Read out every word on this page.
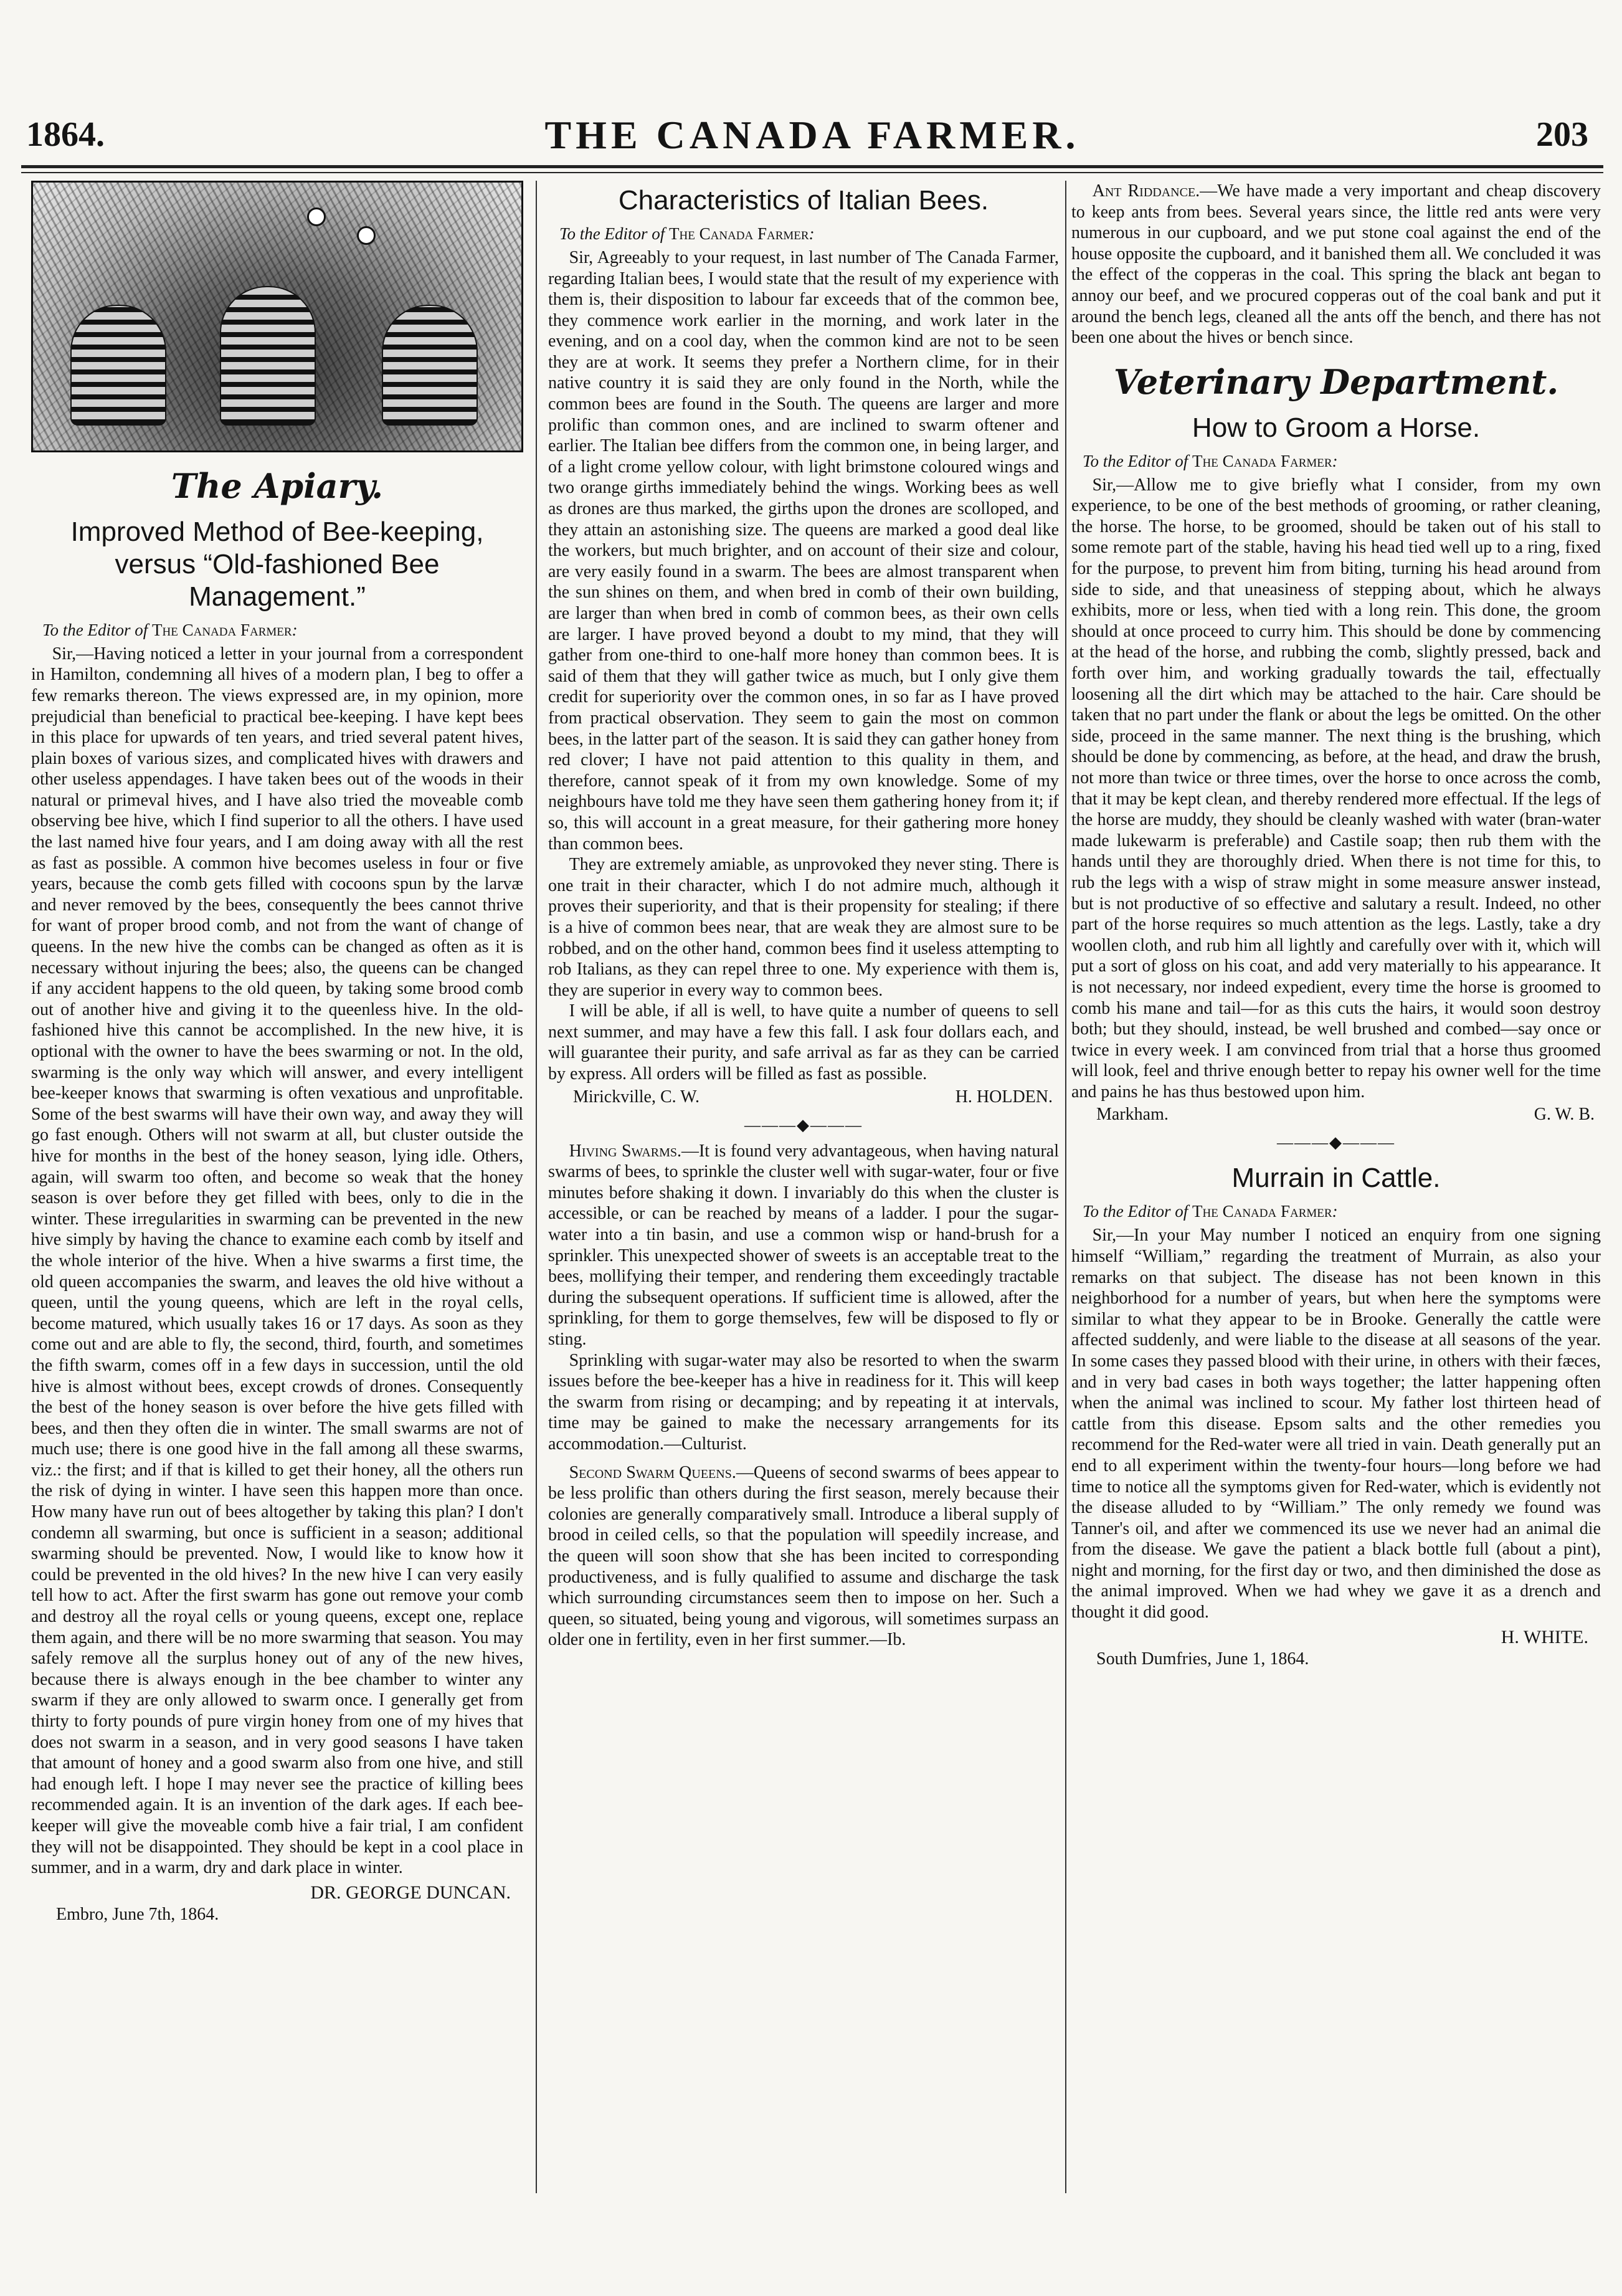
1864.	THE CANADA FARMER.	203
The Apiary.
Improved Method of Bee-keeping, versus “Old-fashioned Bee Management.”
To the Editor of The Canada Farmer:

Sir,—Having noticed a letter in your journal from a correspondent in Hamilton, condemning all hives of a modern plan, I beg to offer a few remarks thereon. The views expressed are, in my opinion, more prejudicial than beneficial to practical bee-keeping. I have kept bees in this place for upwards of ten years, and tried several patent hives, plain boxes of various sizes, and complicated hives with drawers and other useless appendages. I have taken bees out of the woods in their natural or primeval hives, and I have also tried the moveable comb observing bee hive, which I find superior to all the others. I have used the last named hive four years, and I am doing away with all the rest as fast as possible. A common hive becomes useless in four or five years, because the comb gets filled with cocoons spun by the larvæ and never removed by the bees, consequently the bees cannot thrive for want of proper brood comb, and not from the want of change of queens. In the new hive the combs can be changed as often as it is necessary without injuring the bees; also, the queens can be changed if any accident happens to the old queen, by taking some brood comb out of another hive and giving it to the queenless hive. In the old-fashioned hive this cannot be accomplished. In the new hive, it is optional with the owner to have the bees swarming or not. In the old, swarming is the only way which will answer, and every intelligent bee-keeper knows that swarming is often vexatious and unprofitable. Some of the best swarms will have their own way, and away they will go fast enough. Others will not swarm at all, but cluster outside the hive for months in the best of the honey season, lying idle. Others, again, will swarm too often, and become so weak that the honey season is over before they get filled with bees, only to die in the winter. These irregularities in swarming can be prevented in the new hive simply by having the chance to examine each comb by itself and the whole interior of the hive. When a hive swarms a first time, the old queen accompanies the swarm, and leaves the old hive without a queen, until the young queens, which are left in the royal cells, become matured, which usually takes 16 or 17 days. As soon as they come out and are able to fly, the second, third, fourth, and sometimes the fifth swarm, comes off in a few days in succession, until the old hive is almost without bees, except crowds of drones. Consequently the best of the honey season is over before the hive gets filled with bees, and then they often die in winter. The small swarms are not of much use; there is one good hive in the fall among all these swarms, viz.: the first; and if that is killed to get their honey, all the others run the risk of dying in winter. I have seen this happen more than once. How many have run out of bees altogether by taking this plan? I don't condemn all swarming, but once is sufficient in a season; additional swarming should be prevented. Now, I would like to know how it could be prevented in the old hives? In the new hive I can very easily tell how to act. After the first swarm has gone out remove your comb and destroy all the royal cells or young queens, except one, replace them again, and there will be no more swarming that season. You may safely remove all the surplus honey out of any of the new hives, because there is always enough in the bee chamber to winter any swarm if they are only allowed to swarm once. I generally get from thirty to forty pounds of pure virgin honey from one of my hives that does not swarm in a season, and in very good seasons I have taken that amount of honey and a good swarm also from one hive, and still had enough left. I hope I may never see the practice of killing bees recommended again. It is an invention of the dark ages. If each bee-keeper will give the moveable comb hive a fair trial, I am confident they will not be disappointed. They should be kept in a cool place in summer, and in a warm, dry and dark place in winter.

DR. GEORGE DUNCAN.
Embro, June 7th, 1864.
Characteristics of Italian Bees.
To the Editor of The Canada Farmer:

Sir, Agreeably to your request, in last number of The Canada Farmer, regarding Italian bees, I would state that the result of my experience with them is, their disposition to labour far exceeds that of the common bee, they commence work earlier in the morning, and work later in the evening, and on a cool day, when the common kind are not to be seen they are at work. It seems they prefer a Northern clime, for in their native country it is said they are only found in the North, while the common bees are found in the South. The queens are larger and more prolific than common ones, and are inclined to swarm oftener and earlier. The Italian bee differs from the common one, in being larger, and of a light crome yellow colour, with light brimstone coloured wings and two orange girths immediately behind the wings. Working bees as well as drones are thus marked, the girths upon the drones are scolloped, and they attain an astonishing size. The queens are marked a good deal like the workers, but much brighter, and on account of their size and colour, are very easily found in a swarm. The bees are almost transparent when the sun shines on them, and when bred in comb of their own building, are larger than when bred in comb of common bees, as their own cells are larger. I have proved beyond a doubt to my mind, that they will gather from one-third to one-half more honey than common bees. It is said of them that they will gather twice as much, but I only give them credit for superiority over the common ones, in so far as I have proved from practical observation. They seem to gain the most on common bees, in the latter part of the season. It is said they can gather honey from red clover; I have not paid attention to this quality in them, and therefore, cannot speak of it from my own knowledge. Some of my neighbours have told me they have seen them gathering honey from it; if so, this will account in a great measure, for their gathering more honey than common bees.

They are extremely amiable, as unprovoked they never sting. There is one trait in their character, which I do not admire much, although it proves their superiority, and that is their propensity for stealing; if there is a hive of common bees near, that are weak they are almost sure to be robbed, and on the other hand, common bees find it useless attempting to rob Italians, as they can repel three to one. My experience with them is, they are superior in every way to common bees.

I will be able, if all is well, to have quite a number of queens to sell next summer, and may have a few this fall. I ask four dollars each, and will guarantee their purity, and safe arrival as far as they can be carried by express. All orders will be filled as fast as possible.

Mirickville, C. W.	H. HOLDEN.
———◆———

Hiving Swarms.—It is found very advantageous, when having natural swarms of bees, to sprinkle the cluster well with sugar-water, four or five minutes before shaking it down. I invariably do this when the cluster is accessible, or can be reached by means of a ladder. I pour the sugar-water into a tin basin, and use a common wisp or hand-brush for a sprinkler. This unexpected shower of sweets is an acceptable treat to the bees, mollifying their temper, and rendering them exceedingly tractable during the subsequent operations. If sufficient time is allowed, after the sprinkling, for them to gorge themselves, few will be disposed to fly or sting.

Sprinkling with sugar-water may also be resorted to when the swarm issues before the bee-keeper has a hive in readiness for it. This will keep the swarm from rising or decamping; and by repeating it at intervals, time may be gained to make the necessary arrangements for its accommodation.—Culturist.

Second Swarm Queens.—Queens of second swarms of bees appear to be less prolific than others during the first season, merely because their colonies are generally comparatively small. Introduce a liberal supply of brood in ceiled cells, so that the population will speedily increase, and the queen will soon show that she has been incited to corresponding productiveness, and is fully qualified to assume and discharge the task which surrounding circumstances seem then to impose on her. Such a queen, so situated, being young and vigorous, will sometimes surpass an older one in fertility, even in her first summer.—Ib.

Ant Riddance.—We have made a very important and cheap discovery to keep ants from bees. Several years since, the little red ants were very numerous in our cupboard, and we put stone coal against the end of the house opposite the cupboard, and it banished them all. We concluded it was the effect of the copperas in the coal. This spring the black ant began to annoy our beef, and we procured copperas out of the coal bank and put it around the bench legs, cleaned all the ants off the bench, and there has not been one about the hives or bench since.

Veterinary Department.
How to Groom a Horse.
To the Editor of The Canada Farmer:

Sir,—Allow me to give briefly what I consider, from my own experience, to be one of the best methods of grooming, or rather cleaning, the horse. The horse, to be groomed, should be taken out of his stall to some remote part of the stable, having his head tied well up to a ring, fixed for the purpose, to prevent him from biting, turning his head around from side to side, and that uneasiness of stepping about, which he always exhibits, more or less, when tied with a long rein. This done, the groom should at once proceed to curry him. This should be done by commencing at the head of the horse, and rubbing the comb, slightly pressed, back and forth over him, and working gradually towards the tail, effectually loosening all the dirt which may be attached to the hair. Care should be taken that no part under the flank or about the legs be omitted. On the other side, proceed in the same manner. The next thing is the brushing, which should be done by commencing, as before, at the head, and draw the brush, not more than twice or three times, over the horse to once across the comb, that it may be kept clean, and thereby rendered more effectual. If the legs of the horse are muddy, they should be cleanly washed with water (bran-water made lukewarm is preferable) and Castile soap; then rub them with the hands until they are thoroughly dried. When there is not time for this, to rub the legs with a wisp of straw might in some measure answer instead, but is not productive of so effective and salutary a result. Indeed, no other part of the horse requires so much attention as the legs. Lastly, take a dry woollen cloth, and rub him all lightly and carefully over with it, which will put a sort of gloss on his coat, and add very materially to his appearance. It is not necessary, nor indeed expedient, every time the horse is groomed to comb his mane and tail—for as this cuts the hairs, it would soon destroy both; but they should, instead, be well brushed and combed—say once or twice in every week. I am convinced from trial that a horse thus groomed will look, feel and thrive enough better to repay his owner well for the time and pains he has thus bestowed upon him.

Markham.	G. W. B.
———◆———
Murrain in Cattle.
To the Editor of The Canada Farmer:

Sir,—In your May number I noticed an enquiry from one signing himself “William,” regarding the treatment of Murrain, as also your remarks on that subject. The disease has not been known in this neighborhood for a number of years, but when here the symptoms were similar to what they appear to be in Brooke. Generally the cattle were affected suddenly, and were liable to the disease at all seasons of the year. In some cases they passed blood with their urine, in others with their fæces, and in very bad cases in both ways together; the latter happening often when the animal was inclined to scour. My father lost thirteen head of cattle from this disease. Epsom salts and the other remedies you recommend for the Red-water were all tried in vain. Death generally put an end to all experiment within the twenty-four hours—long before we had time to notice all the symptoms given for Red-water, which is evidently not the disease alluded to by “William.” The only remedy we found was Tanner's oil, and after we commenced its use we never had an animal die from the disease. We gave the patient a black bottle full (about a pint), night and morning, for the first day or two, and then diminished the dose as the animal improved. When we had whey we gave it as a drench and thought it did good.

H. WHITE.
South Dumfries, June 1, 1864.
